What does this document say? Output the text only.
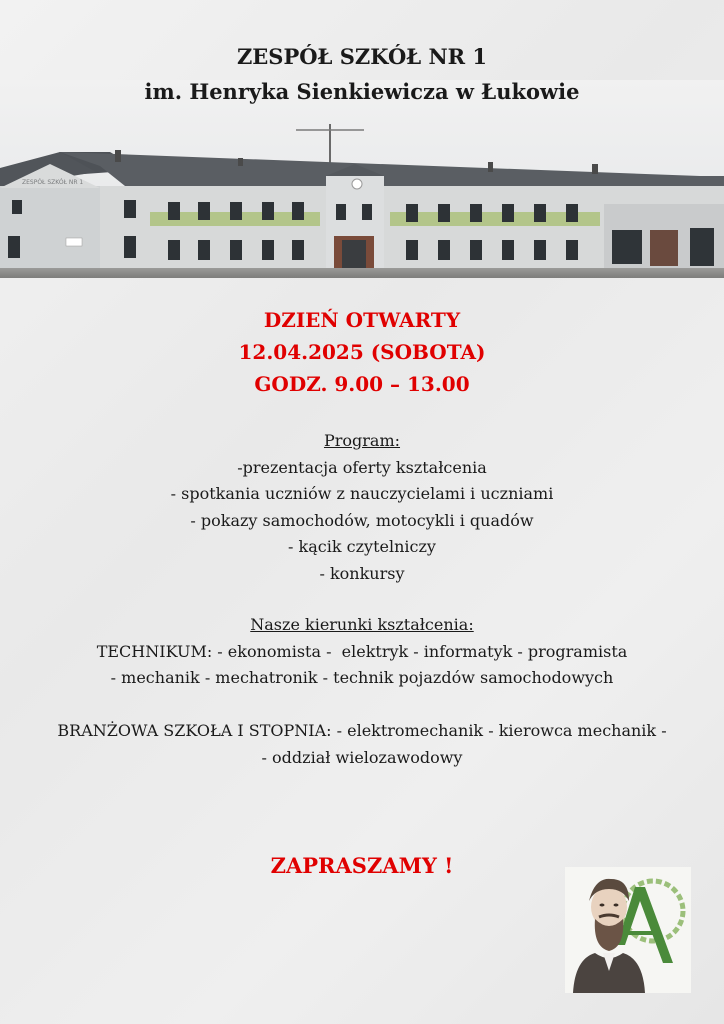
ZESPÓŁ SZKÓŁ NR 1
ZESPÓŁ SZKÓŁ NR 1
im. Henryka Sienkiewicza w Łukowie
DZIEŃ OTWARTY
12.04.2025 (SOBOTA)
GODZ. 9.00 – 13.00
Program:
-prezentacja oferty kształcenia
- spotkania uczniów z nauczycielami i uczniami
- pokazy samochodów, motocykli i quadów
- kącik czytelniczy
- konkursy
Nasze kierunki kształcenia:
TECHNIKUM: - ekonomista -  elektryk - informatyk - programista
- mechanik - mechatronik - technik pojazdów samochodowych
BRANŻOWA SZKOŁA I STOPNIA: - elektromechanik - kierowca mechanik -
- oddział wielozawodowy
ZAPRASZAMY !
